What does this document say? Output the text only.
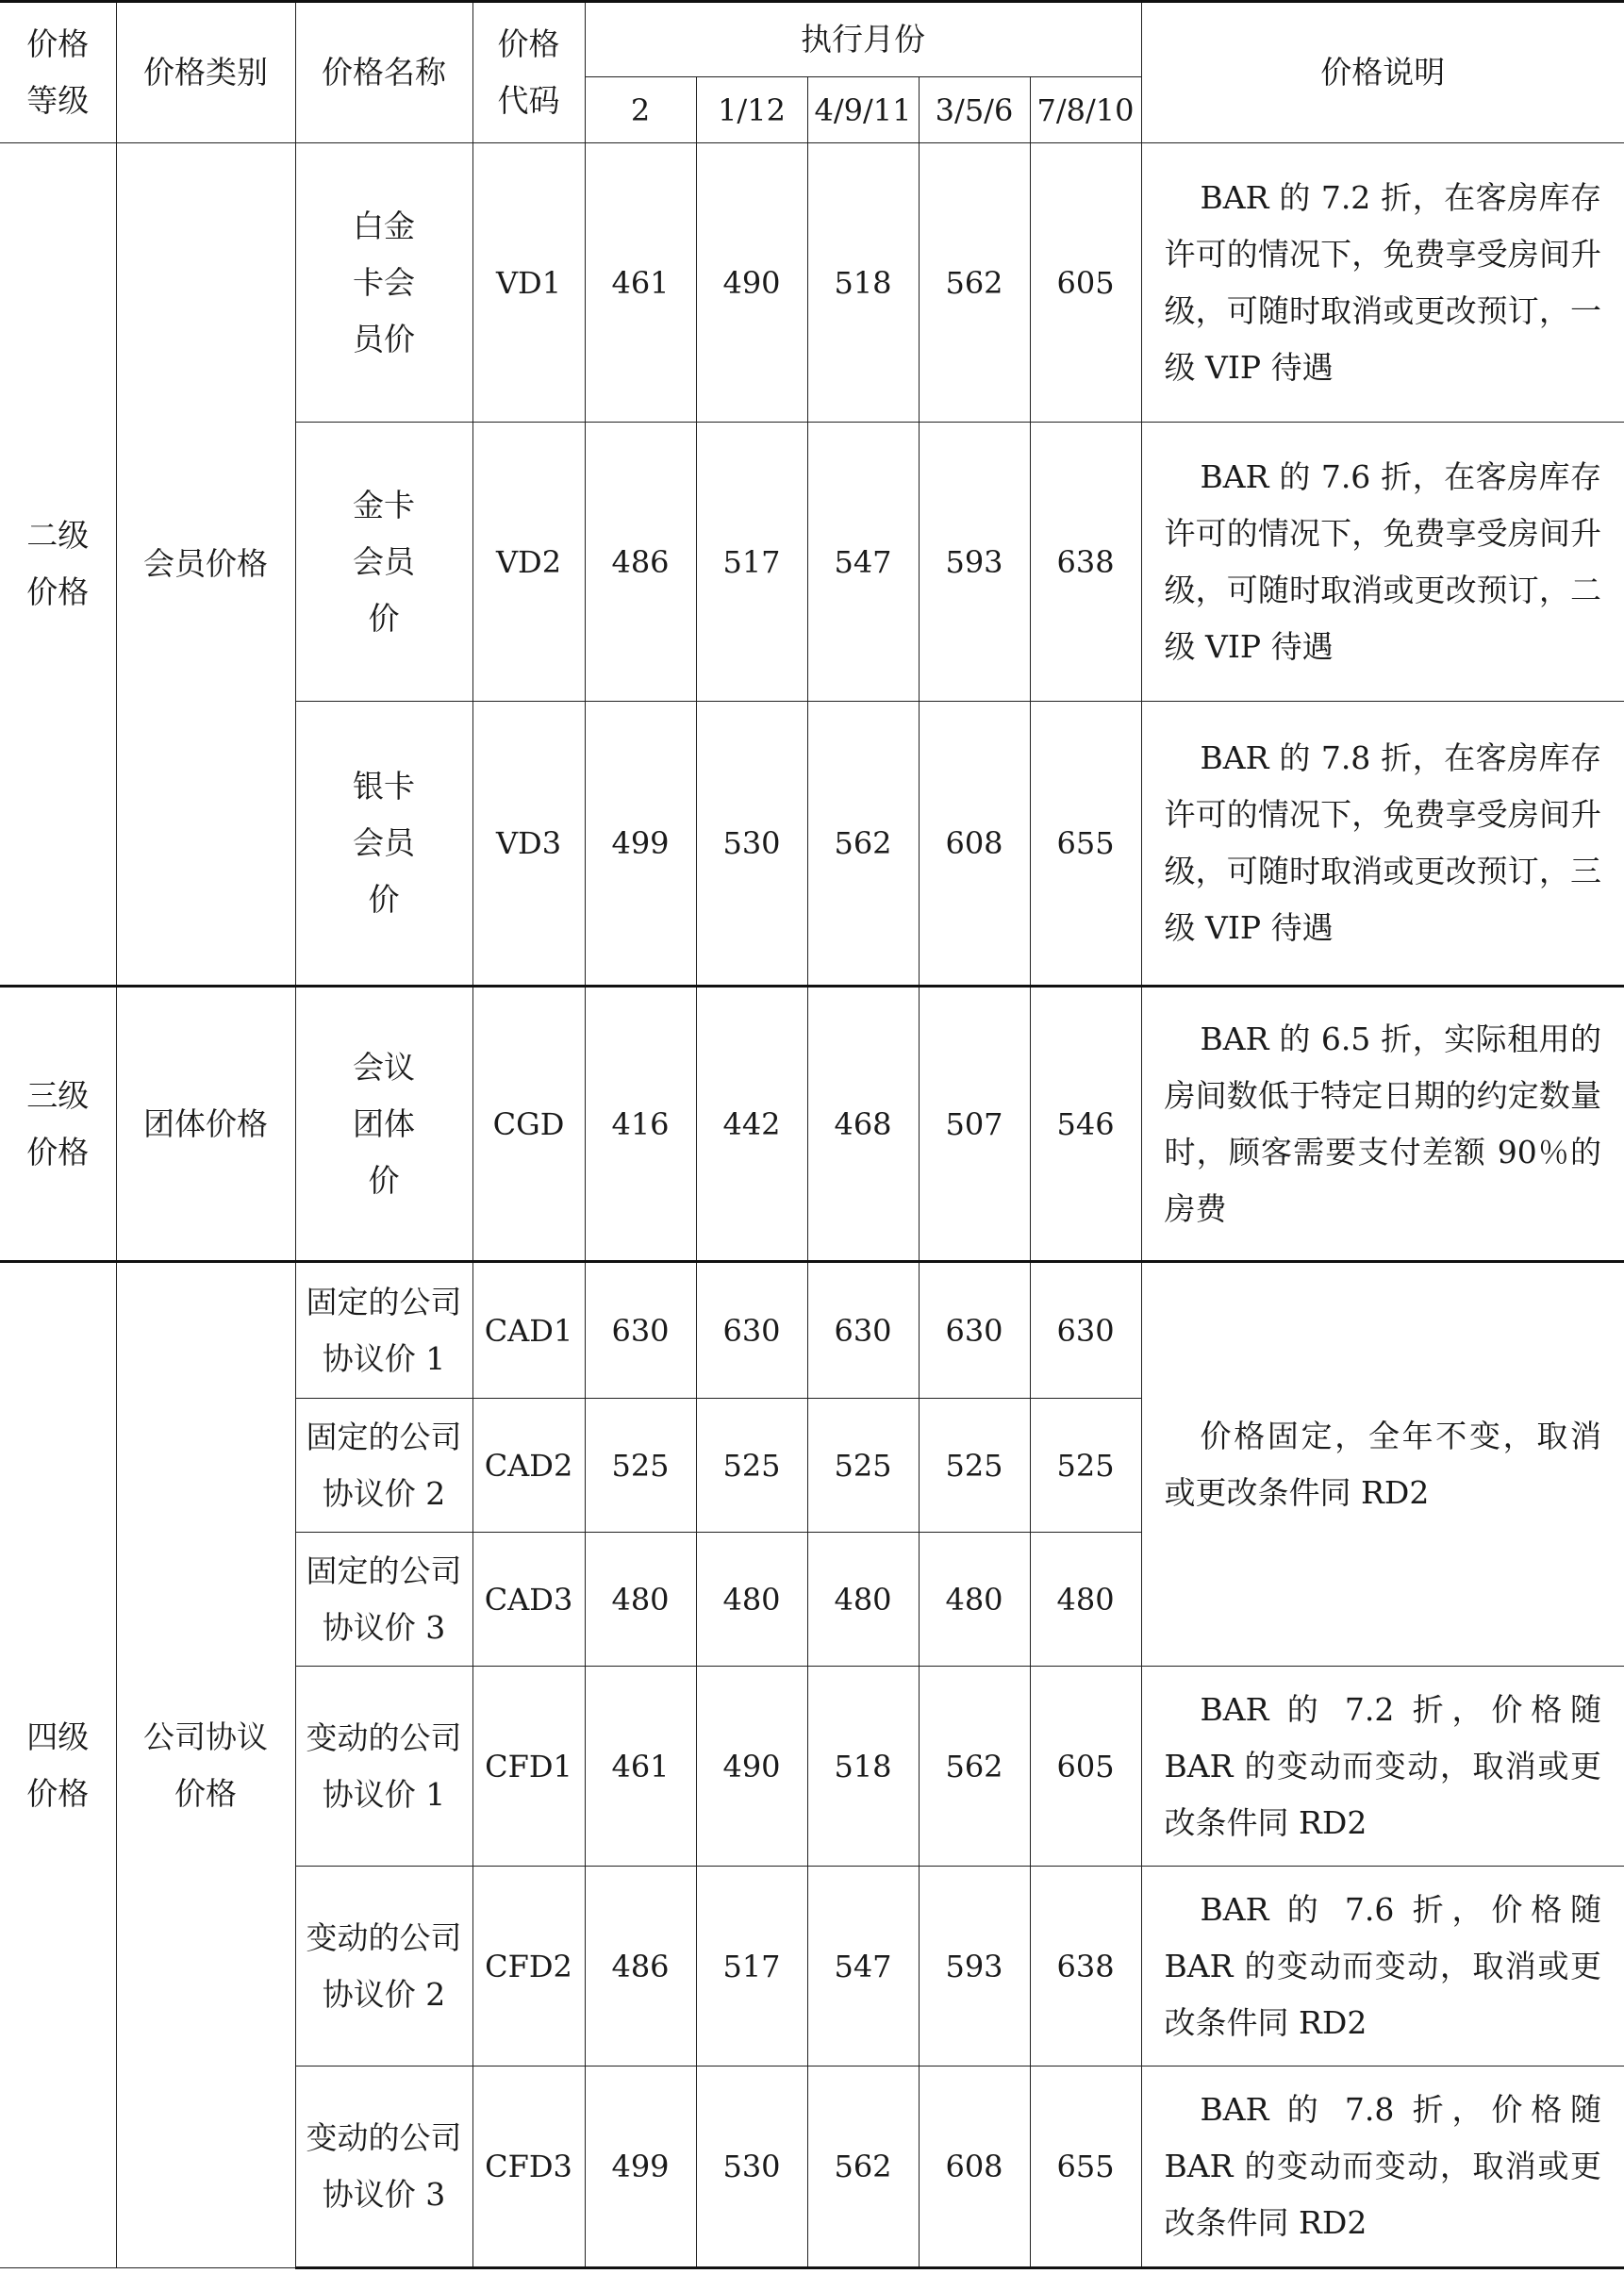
价格等级	价格类别	价格名称	价格代码	执行月份					价格说明
				2	1/12	4/9/11	3/5/6	7/8/10	
二级价格	会员价格	白金卡会员价	VD1	461	490	518	562	605	BAR 的 7.2 折，在客房库存许可的情况下，免费享受房间升级，可随时取消或更改预订，一级 VIP 待遇
		金卡会员价	VD2	486	517	547	593	638	BAR 的 7.6 折，在客房库存许可的情况下，免费享受房间升级，可随时取消或更改预订，二级 VIP 待遇
		银卡会员价	VD3	499	530	562	608	655	BAR 的 7.8 折，在客房库存许可的情况下，免费享受房间升级，可随时取消或更改预订，三级 VIP 待遇
三级价格	团体价格	会议团体价	CGD	416	442	468	507	546	BAR 的 6.5 折，实际租用的房间数低于特定日期的约定数量时，顾客需要支付差额 90％的房费
四级价格	公司协议价格	固定的公司协议价 1	CAD1	630	630	630	630	630	价格固定，全年不变，取消或更改条件同 RD2
		固定的公司协议价 2	CAD2	525	525	525	525	525	
		固定的公司协议价 3	CAD3	480	480	480	480	480	
		变动的公司协议价 1	CFD1	461	490	518	562	605	BAR 的 7.2 折，价格随 BAR 的变动而变动，取消或更改条件同 RD2
		变动的公司协议价 2	CFD2	486	517	547	593	638	BAR 的 7.6 折，价格随 BAR 的变动而变动，取消或更改条件同 RD2
		变动的公司协议价 3	CFD3	499	530	562	608	655	BAR 的 7.8 折，价格随 BAR 的变动而变动，取消或更改条件同 RD2
